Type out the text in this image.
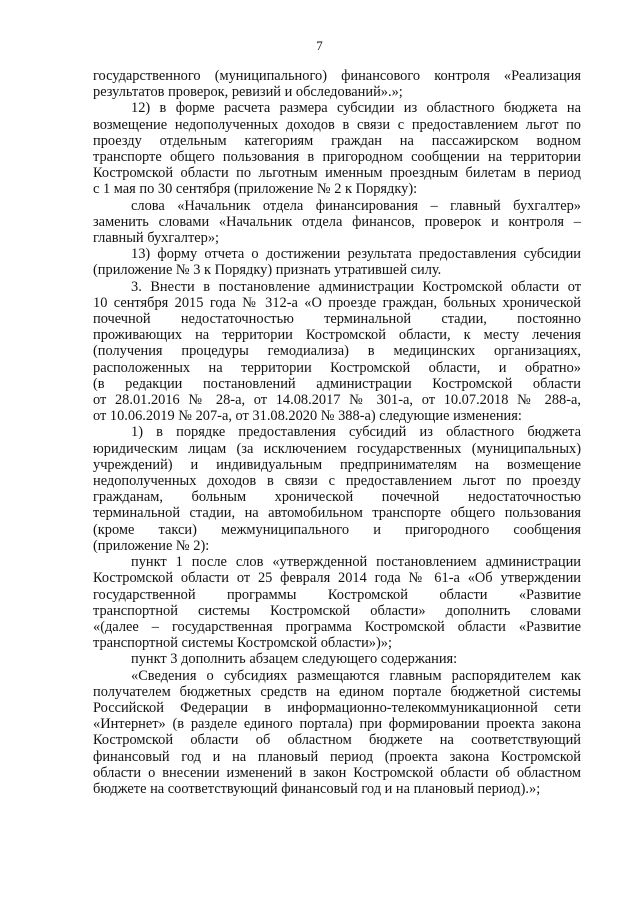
7

государственного (муниципального) финансового контроля «Реализация

результатов проверок, ревизий и обследований».»;

12) в форме расчета размера субсидии из областного бюджета на

возмещение недополученных доходов в связи с предоставлением льгот по

проезду отдельным категориям граждан на пассажирском водном

транспорте общего пользования в пригородном сообщении на территории

Костромской области по льготным именным проездным билетам в период

с 1 мая по 30 сентября (приложение № 2 к Порядку):

слова «Начальник отдела финансирования – главный бухгалтер»

заменить словами «Начальник отдела финансов, проверок и контроля –

главный бухгалтер»;

13) форму отчета о достижении результата предоставления субсидии

(приложение № 3 к Порядку) признать утратившей силу.

3. Внести в постановление администрации Костромской области от

10 сентября 2015 года № 312-а «О проезде граждан, больных хронической

почечной недостаточностью терминальной стадии, постоянно

проживающих на территории Костромской области, к месту лечения

(получения процедуры гемодиализа) в медицинских организациях,

расположенных на территории Костромской области, и обратно»

(в редакции постановлений администрации Костромской области

от 28.01.2016 № 28-а, от 14.08.2017 № 301-а, от 10.07.2018 № 288-а,

от 10.06.2019 № 207-а, от 31.08.2020 № 388-а) следующие изменения:

1) в порядке предоставления субсидий из областного бюджета

юридическим лицам (за исключением государственных (муниципальных)

учреждений) и индивидуальным предпринимателям на возмещение

недополученных доходов в связи с предоставлением льгот по проезду

гражданам, больным хронической почечной недостаточностью

терминальной стадии, на автомобильном транспорте общего пользования

(кроме такси) межмуниципального и пригородного сообщения

(приложение № 2):

пункт 1 после слов «утвержденной постановлением администрации

Костромской области от 25 февраля 2014 года № 61-а «Об утверждении

государственной программы Костромской области «Развитие

транспортной системы Костромской области» дополнить словами

«(далее – государственная программа Костромской области «Развитие

транспортной системы Костромской области»)»;

пункт 3 дополнить абзацем следующего содержания:

«Сведения о субсидиях размещаются главным распорядителем как

получателем бюджетных средств на едином портале бюджетной системы

Российской Федерации в информационно-телекоммуникационной сети

«Интернет» (в разделе единого портала) при формировании проекта закона

Костромской области об областном бюджете на соответствующий

финансовый год и на плановый период (проекта закона Костромской

области о внесении изменений в закон Костромской области об областном

бюджете на соответствующий финансовый год и на плановый период).»;
